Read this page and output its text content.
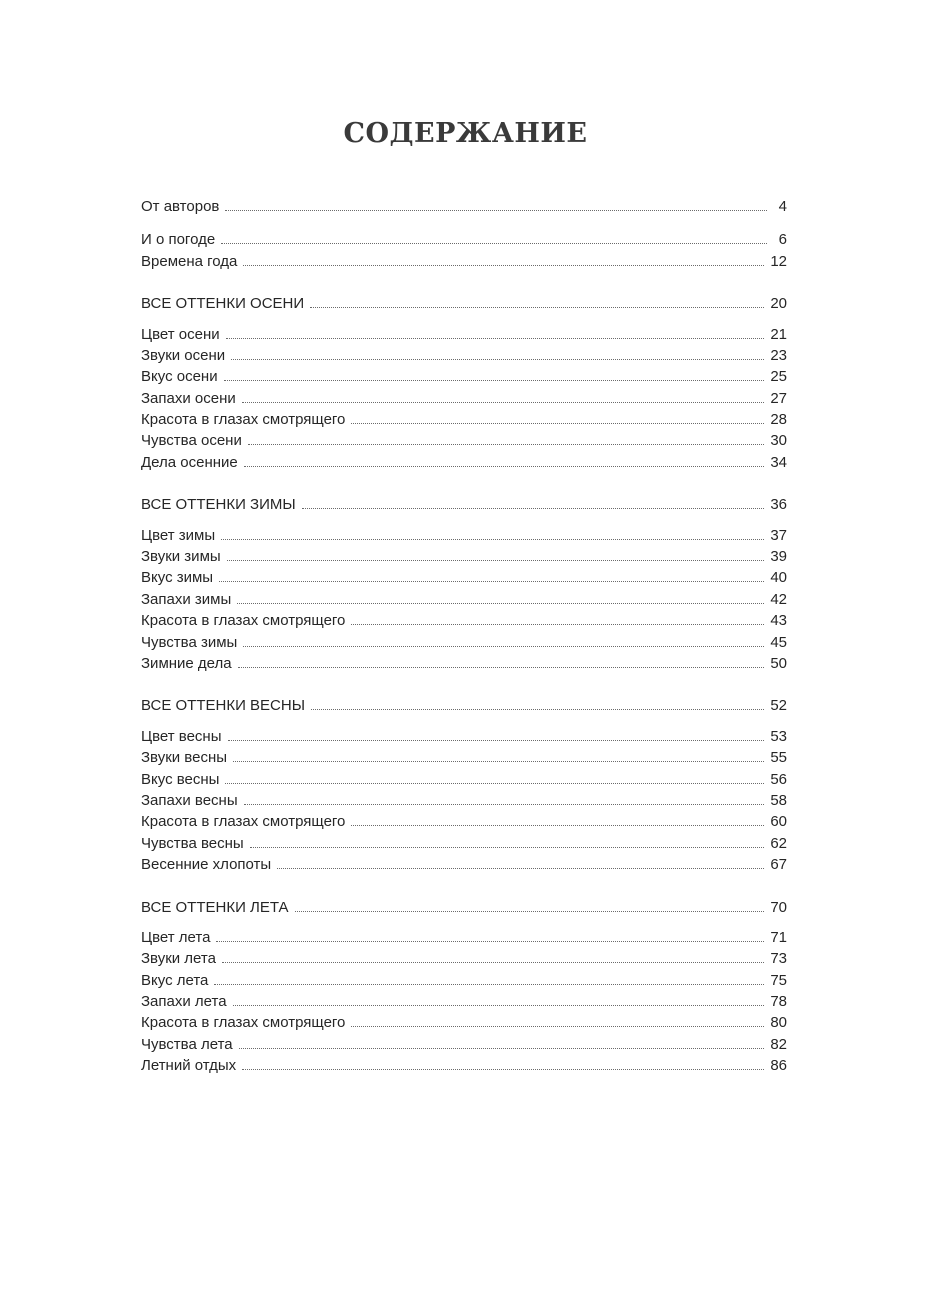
СОДЕРЖАНИЕ
От авторов	4
И о погоде	6
Времена года	12
ВСЕ ОТТЕНКИ ОСЕНИ	20
Цвет осени	21
Звуки осени	23
Вкус осени	25
Запахи осени	27
Красота в глазах смотрящего	28
Чувства осени	30
Дела осенние	34
ВСЕ ОТТЕНКИ ЗИМЫ	36
Цвет зимы	37
Звуки зимы	39
Вкус зимы	40
Запахи зимы	42
Красота в глазах смотрящего	43
Чувства зимы	45
Зимние дела	50
ВСЕ ОТТЕНКИ ВЕСНЫ	52
Цвет весны	53
Звуки весны	55
Вкус весны	56
Запахи весны	58
Красота в глазах смотрящего	60
Чувства весны	62
Весенние хлопоты	67
ВСЕ ОТТЕНКИ ЛЕТА	70
Цвет лета	71
Звуки лета	73
Вкус лета	75
Запахи лета	78
Красота в глазах смотрящего	80
Чувства лета	82
Летний отдых	86
